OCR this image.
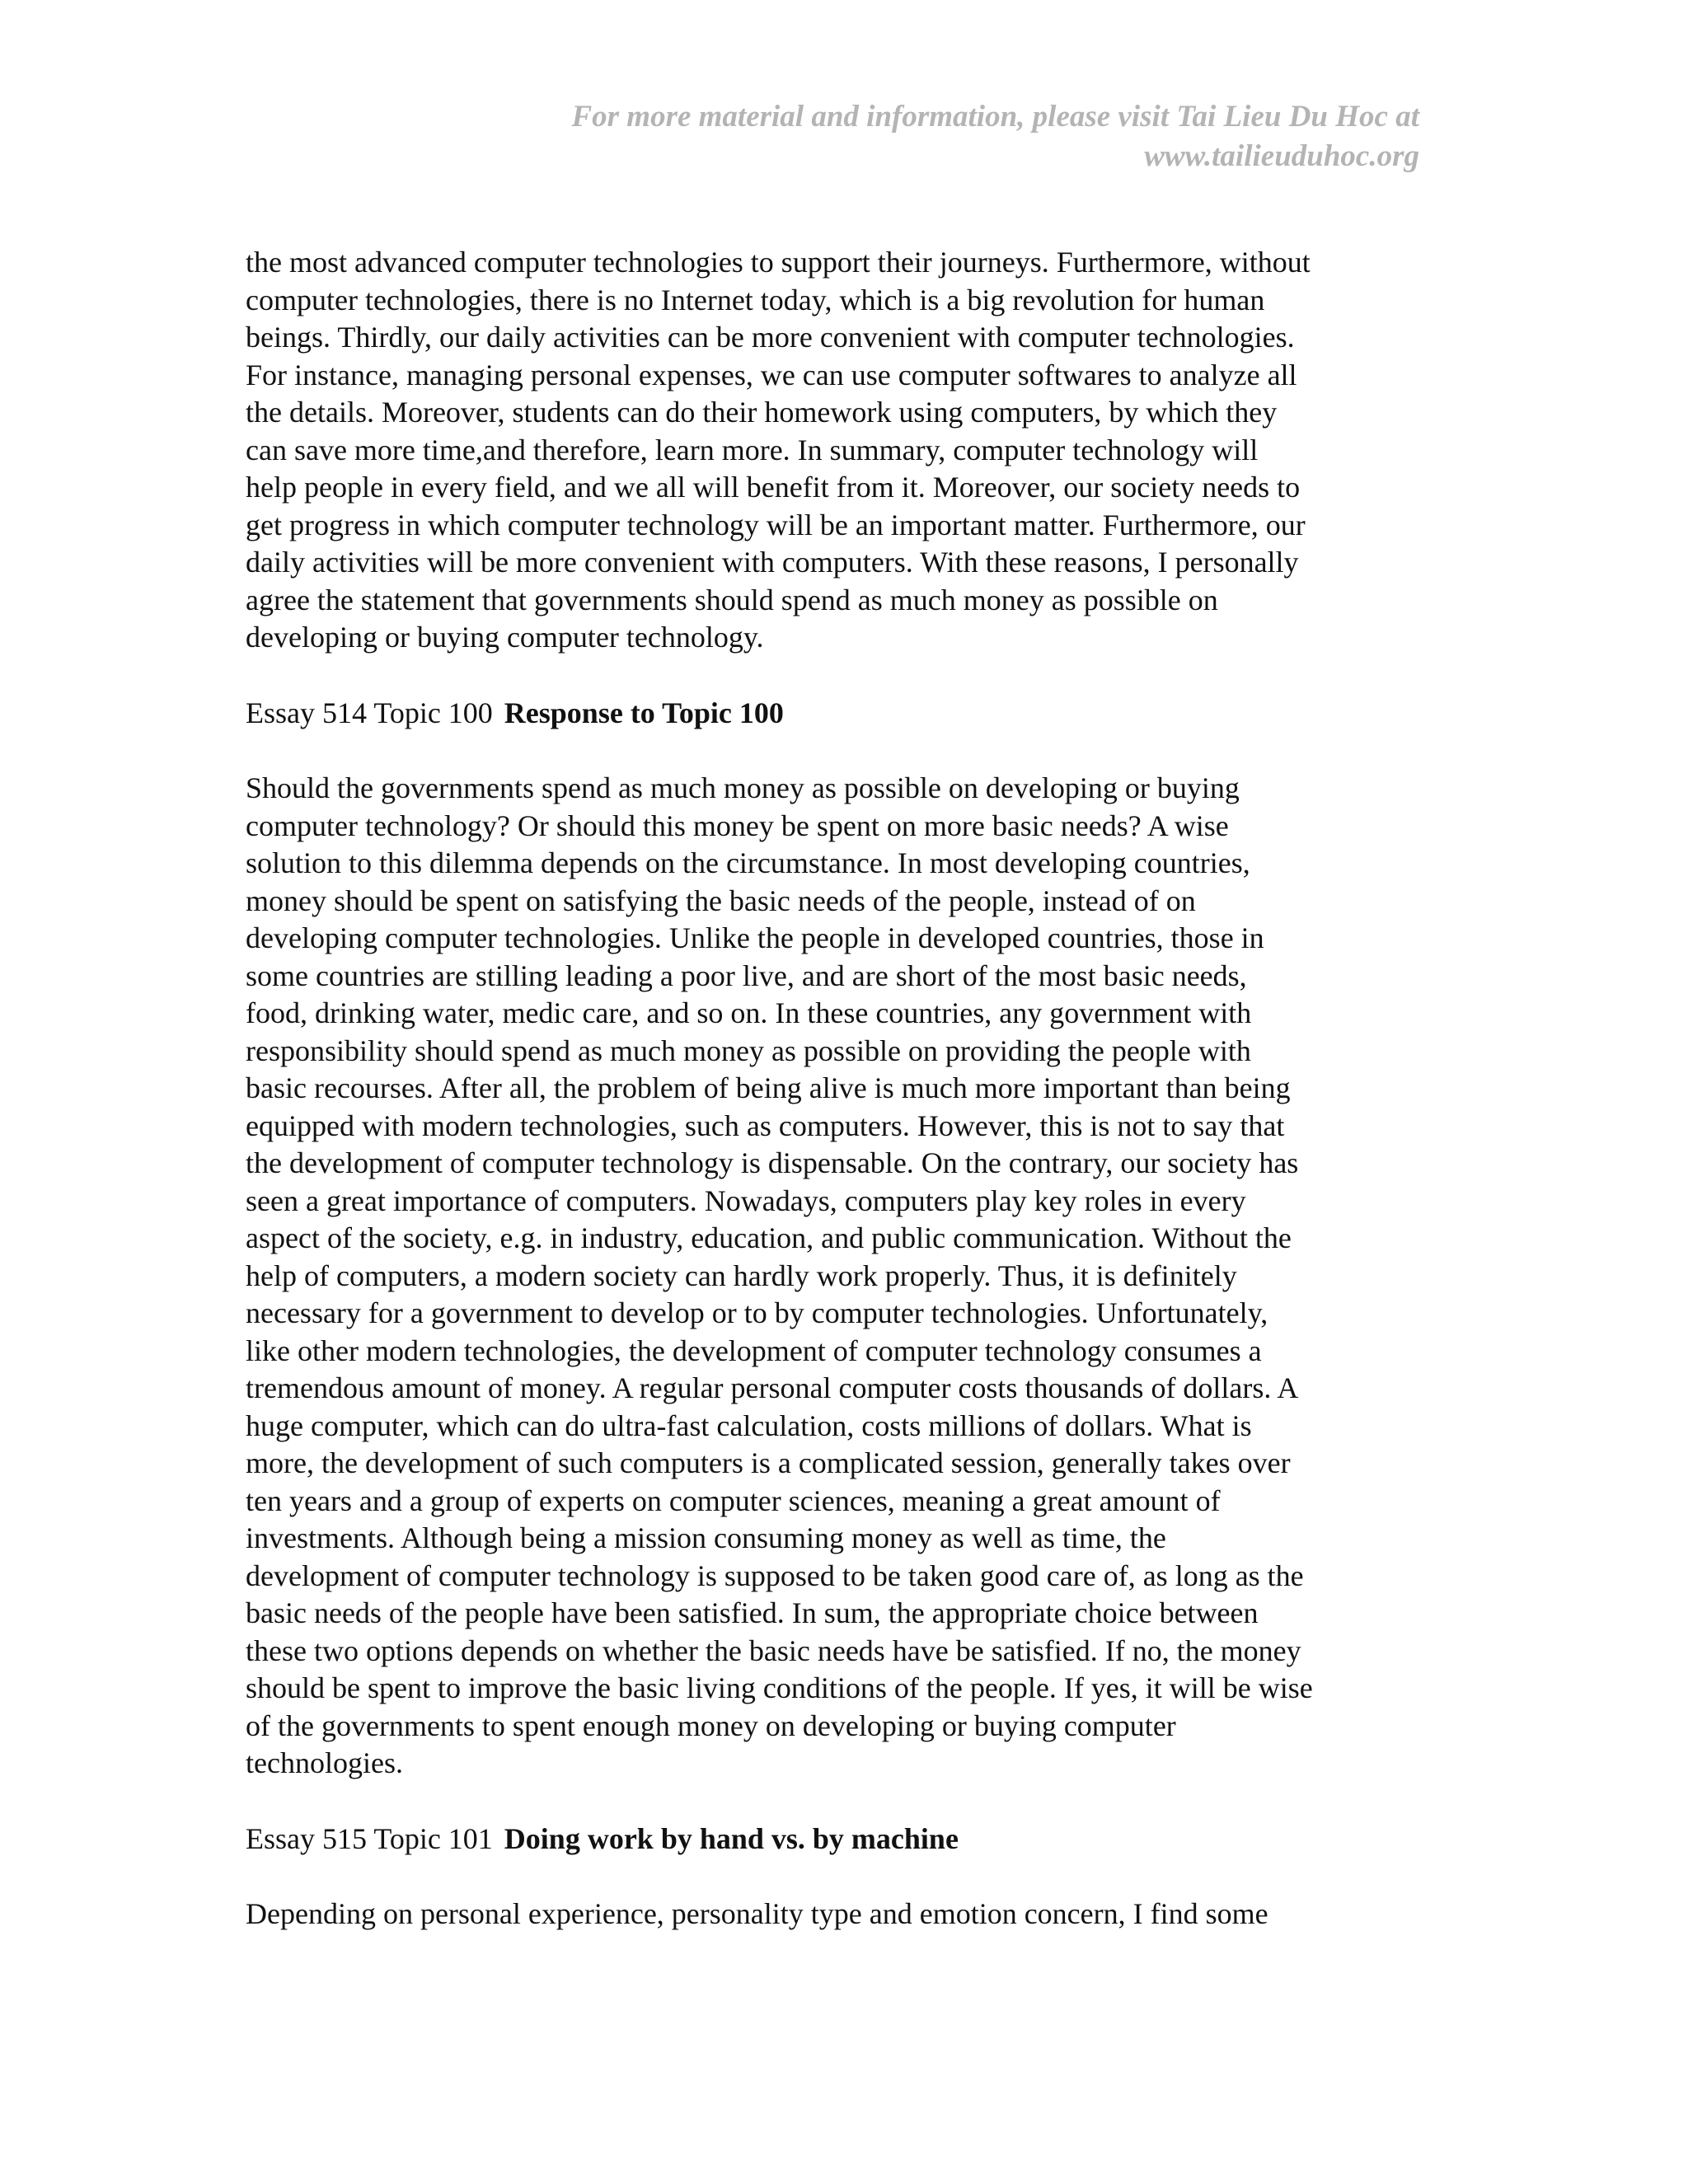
For more material and information, please visit Tai Lieu Du Hoc at
www.tailieuduhoc.org

the most advanced computer technologies to support their journeys. Furthermore, without
computer technologies, there is no Internet today, which is a big revolution for human
beings. Thirdly, our daily activities can be more convenient with computer technologies.
For instance, managing personal expenses, we can use computer softwares to analyze all
the details. Moreover, students can do their homework using computers, by which they
can save more time,and therefore, learn more. In summary, computer technology will
help people in every field, and we all will benefit from it. Moreover, our society needs to
get progress in which computer technology will be an important matter. Furthermore, our
daily activities will be more convenient with computers. With these reasons, I personally
agree the statement that governments should spend as much money as possible on
developing or buying computer technology.

Essay 514 Topic 100 Response to Topic 100

Should the governments spend as much money as possible on developing or buying
computer technology? Or should this money be spent on more basic needs? A wise
solution to this dilemma depends on the circumstance. In most developing countries,
money should be spent on satisfying the basic needs of the people, instead of on
developing computer technologies. Unlike the people in developed countries, those in
some countries are stilling leading a poor live, and are short of the most basic needs,
food, drinking water, medic care, and so on. In these countries, any government with
responsibility should spend as much money as possible on providing the people with
basic recourses. After all, the problem of being alive is much more important than being
equipped with modern technologies, such as computers. However, this is not to say that
the development of computer technology is dispensable. On the contrary, our society has
seen a great importance of computers. Nowadays, computers play key roles in every
aspect of the society, e.g. in industry, education, and public communication. Without the
help of computers, a modern society can hardly work properly. Thus, it is definitely
necessary for a government to develop or to by computer technologies. Unfortunately,
like other modern technologies, the development of computer technology consumes a
tremendous amount of money. A regular personal computer costs thousands of dollars. A
huge computer, which can do ultra-fast calculation, costs millions of dollars. What is
more, the development of such computers is a complicated session, generally takes over
ten years and a group of experts on computer sciences, meaning a great amount of
investments. Although being a mission consuming money as well as time, the
development of computer technology is supposed to be taken good care of, as long as the
basic needs of the people have been satisfied. In sum, the appropriate choice between
these two options depends on whether the basic needs have be satisfied. If no, the money
should be spent to improve the basic living conditions of the people. If yes, it will be wise
of the governments to spent enough money on developing or buying computer
technologies.

Essay 515 Topic 101 Doing work by hand vs. by machine

Depending on personal experience, personality type and emotion concern, I find some
